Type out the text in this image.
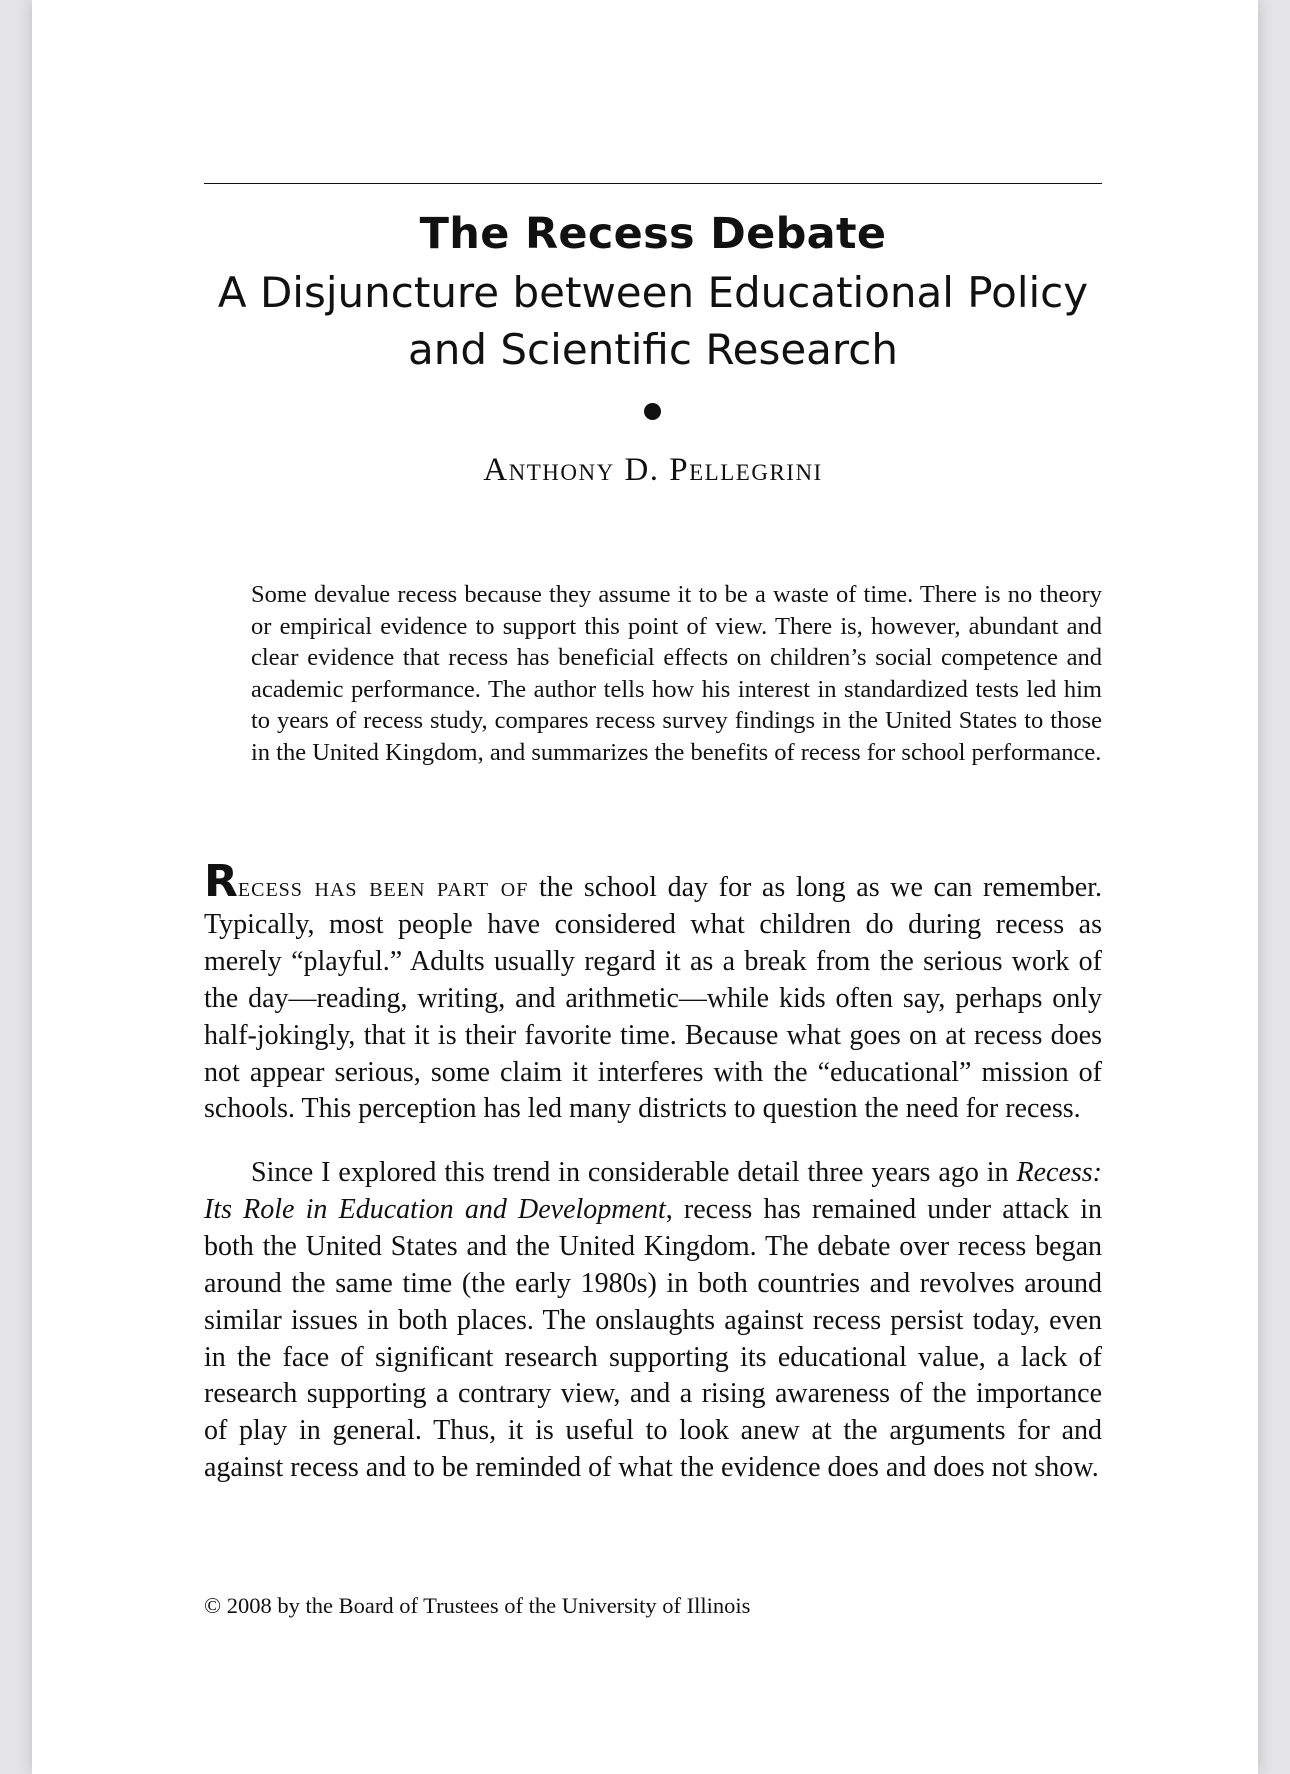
The Recess Debate
A Disjuncture between Educational Policy
and Scientific Research
Anthony D. Pellegrini
Some devalue recess because they assume it to be a waste of time. There is no theory or empirical evidence to support this point of view. There is, however, abundant and clear evidence that recess has beneficial effects on children’s social competence and academic performance. The author tells how his interest in standardized tests led him to years of recess study, compares recess survey findings in the United States to those in the United Kingdom, and summarizes the benefits of recess for school performance.
Recess has been part of the school day for as long as we can remember. Typically, most people have considered what children do during recess as merely “playful.” Adults usually regard it as a break from the serious work of the day—reading, writing, and arithmetic—while kids often say, perhaps only half-jokingly, that it is their favorite time. Because what goes on at recess does not appear serious, some claim it interferes with the “educational” mission of schools. This perception has led many districts to question the need for recess.
Since I explored this trend in considerable detail three years ago in Recess: Its Role in Education and Development, recess has remained under attack in both the United States and the United Kingdom. The debate over recess began around the same time (the early 1980s) in both countries and revolves around similar issues in both places. The onslaughts against recess persist today, even in the face of significant research supporting its educational value, a lack of research supporting a contrary view, and a rising awareness of the importance of play in general. Thus, it is useful to look anew at the arguments for and against recess and to be reminded of what the evidence does and does not show.
© 2008 by the Board of Trustees of the University of Illinois
